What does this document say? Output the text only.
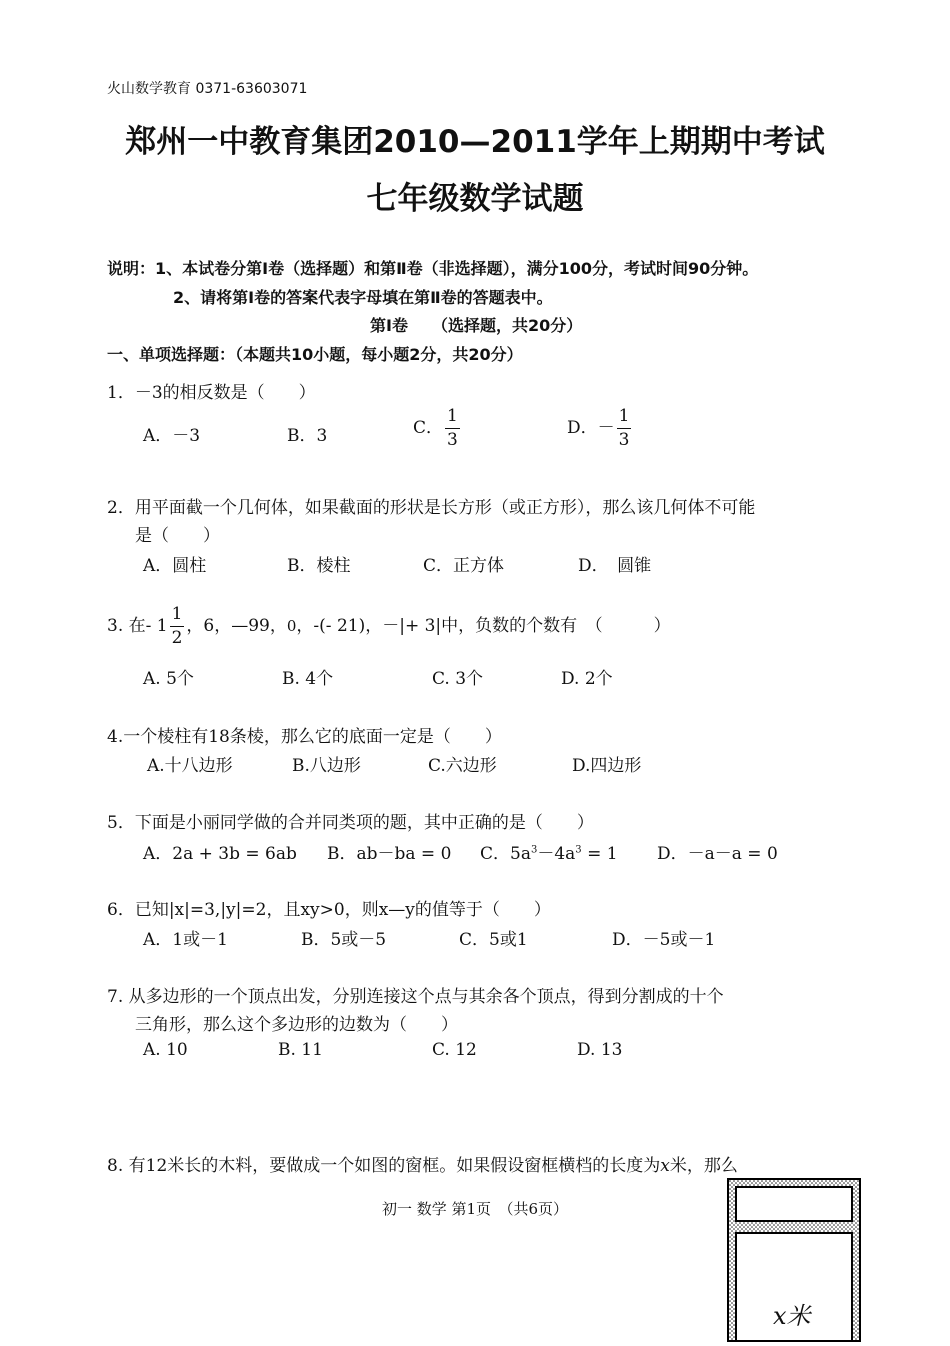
火山数学教育 0371-63603071
郑州一中教育集团2010—2011学年上期期中考试
七年级数学试题
说明：1、本试卷分第Ⅰ卷（选择题）和第Ⅱ卷（非选择题），满分100分，考试时间90分钟。
2、请将第Ⅰ卷的答案代表字母填在第Ⅱ卷的答题表中。
第Ⅰ卷　　（选择题，共20分）
一、单项选择题：（本题共10小题，每小题2分，共20分）
1．－3的相反数是（　　）
A．－3	B．3	C． $\frac{1}{3}$	D．－ $\frac{1}{3}$
2．用平面截一个几何体，如果截面的形状是长方形（或正方形），那么该几何体不可能
是（　　）
A．圆柱	B．棱柱	C．正方体	D．　圆锥
3. 在- $1 \frac{1}{2}$ ，6，—99，0，-(- 21)，－|+ 3|中，负数的个数有　（　　　）
A. 5个	B. 4个	C. 3个	D. 2个
4.一个棱柱有18条棱，那么它的底面一定是（　　）
A.十八边形	B.八边形	C.六边形	D.四边形
5．下面是小丽同学做的合并同类项的题，其中正确的是（　　）
A．2a + 3b = 6ab B．ab－ba = 0 C．$5a^3-4a^3 = 1$ D．－a－a = 0
6．已知|x|=3,|y|=2，且xy>0，则x—y的值等于（　　）
A．1或－1	B．5或－5	C．5或1	D．－5或－1
7. 从多边形的一个顶点出发，分别连接这个点与其余各个顶点，得到分割成的十个
三角形，那么这个多边形的边数为（　　）
A. 10	B. 11	C. 12	D. 13
8. 有12米长的木料，要做成一个如图的窗框。如果假设窗框横档的长度为x米，那么
初一 数学 第1页　（共6页）
x米
